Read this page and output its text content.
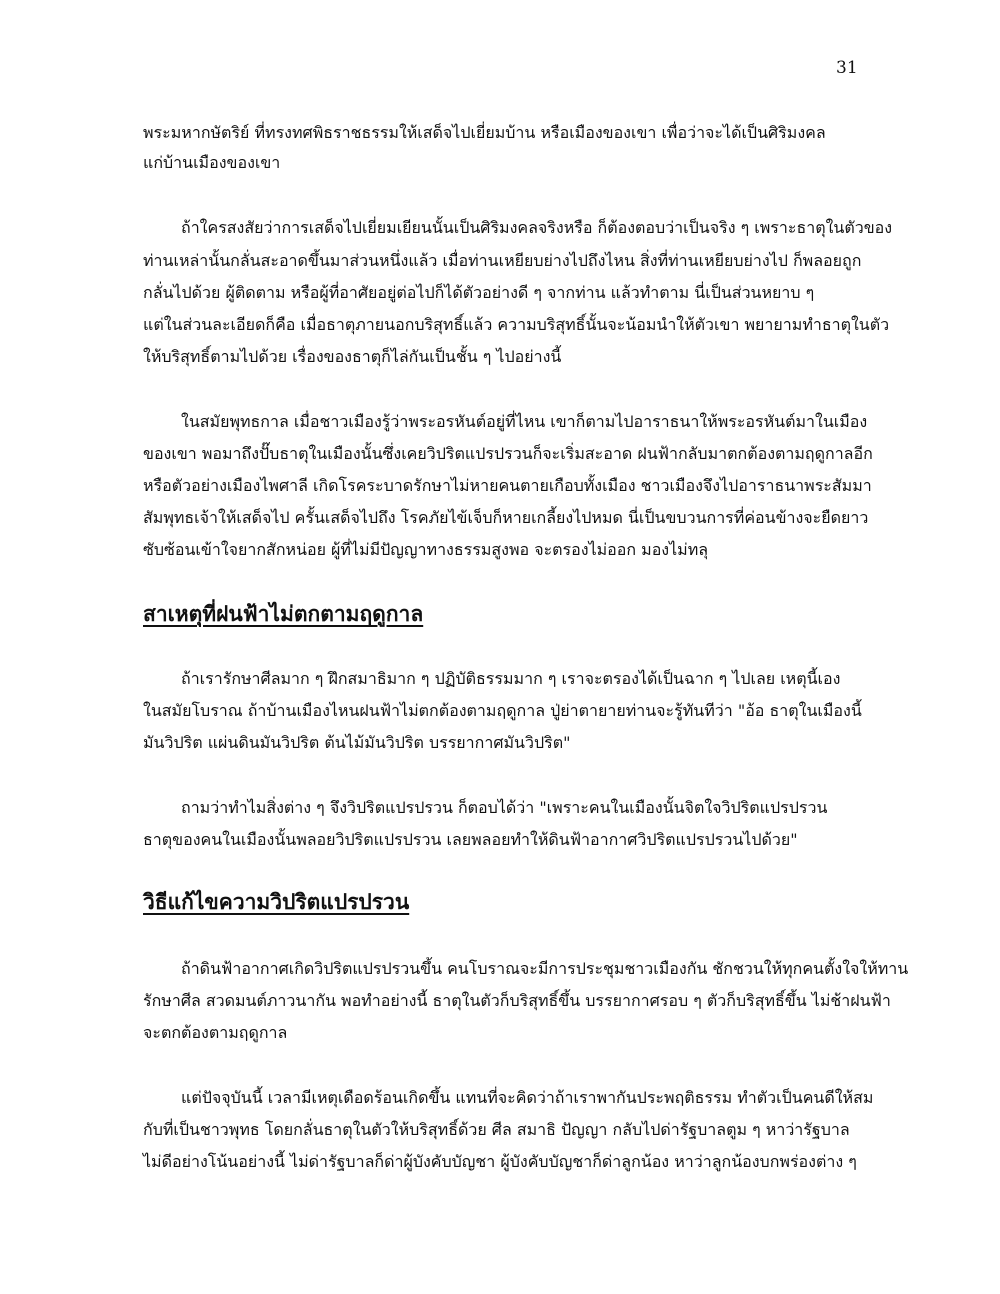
31
พระมหากษัตริย์ ที่ทรงทศพิธราชธรรมให้เสด็จไปเยี่ยมบ้าน หรือเมืองของเขา เพื่อว่าจะได้เป็นศิริมงคล
แก่บ้านเมืองของเขา
ถ้าใครสงสัยว่าการเสด็จไปเยี่ยมเยียนนั้นเป็นศิริมงคลจริงหรือ ก็ต้องตอบว่าเป็นจริง ๆ เพราะธาตุในตัวของ
ท่านเหล่านั้นกลั่นสะอาดขึ้นมาส่วนหนึ่งแล้ว เมื่อท่านเหยียบย่างไปถึงไหน สิ่งที่ท่านเหยียบย่างไป ก็พลอยถูก
กลั่นไปด้วย ผู้ติดตาม หรือผู้ที่อาศัยอยู่ต่อไปก็ได้ตัวอย่างดี ๆ จากท่าน แล้วทำตาม นี่เป็นส่วนหยาบ ๆ
แต่ในส่วนละเอียดก็คือ เมื่อธาตุภายนอกบริสุทธิ์แล้ว ความบริสุทธิ์นั้นจะน้อมนำให้ตัวเขา พยายามทำธาตุในตัว
ให้บริสุทธิ์ตามไปด้วย เรื่องของธาตุก็ไล่กันเป็นชั้น ๆ ไปอย่างนี้
ในสมัยพุทธกาล เมื่อชาวเมืองรู้ว่าพระอรหันต์อยู่ที่ไหน เขาก็ตามไปอาราธนาให้พระอรหันต์มาในเมือง
ของเขา พอมาถึงปั๊บธาตุในเมืองนั้นซึ่งเคยวิปริตแปรปรวนก็จะเริ่มสะอาด ฝนฟ้ากลับมาตกต้องตามฤดูกาลอีก
หรือตัวอย่างเมืองไพศาลี เกิดโรคระบาดรักษาไม่หายคนตายเกือบทั้งเมือง ชาวเมืองจึงไปอาราธนาพระสัมมา
สัมพุทธเจ้าให้เสด็จไป ครั้นเสด็จไปถึง โรคภัยไข้เจ็บก็หายเกลี้ยงไปหมด นี่เป็นขบวนการที่ค่อนข้างจะยืดยาว
ซับซ้อนเข้าใจยากสักหน่อย ผู้ที่ไม่มีปัญญาทางธรรมสูงพอ จะตรองไม่ออก มองไม่ทลุ
สาเหตุที่ฝนฟ้าไม่ตกตามฤดูกาล
ถ้าเรารักษาศีลมาก ๆ ฝึกสมาธิมาก ๆ ปฏิบัติธรรมมาก ๆ เราจะตรองได้เป็นฉาก ๆ ไปเลย เหตุนี้เอง
ในสมัยโบราณ ถ้าบ้านเมืองไหนฝนฟ้าไม่ตกต้องตามฤดูกาล ปู่ย่าตายายท่านจะรู้ทันทีว่า "อ้อ ธาตุในเมืองนี้
มันวิปริต แผ่นดินมันวิปริต ต้นไม้มันวิปริต บรรยากาศมันวิปริต"
ถามว่าทำไมสิ่งต่าง ๆ จึงวิปริตแปรปรวน ก็ตอบได้ว่า "เพราะคนในเมืองนั้นจิตใจวิปริตแปรปรวน
ธาตุของคนในเมืองนั้นพลอยวิปริตแปรปรวน เลยพลอยทำให้ดินฟ้าอากาศวิปริตแปรปรวนไปด้วย"
วิธีแก้ไขความวิปริตแปรปรวน
ถ้าดินฟ้าอากาศเกิดวิปริตแปรปรวนขึ้น คนโบราณจะมีการประชุมชาวเมืองกัน ชักชวนให้ทุกคนตั้งใจให้ทาน
รักษาศีล สวดมนต์ภาวนากัน พอทำอย่างนี้ ธาตุในตัวก็บริสุทธิ์ขึ้น บรรยากาศรอบ ๆ ตัวก็บริสุทธิ์ขึ้น ไม่ช้าฝนฟ้า
จะตกต้องตามฤดูกาล
แต่ปัจจุบันนี้ เวลามีเหตุเดือดร้อนเกิดขึ้น แทนที่จะคิดว่าถ้าเราพากันประพฤติธรรม ทำตัวเป็นคนดีให้สม
กับที่เป็นชาวพุทธ โดยกลั่นธาตุในตัวให้บริสุทธิ์ด้วย ศีล สมาธิ ปัญญา กลับไปด่ารัฐบาลตูม ๆ หาว่ารัฐบาล
ไม่ดีอย่างโน้นอย่างนี้ ไม่ด่ารัฐบาลก็ด่าผู้บังคับบัญชา ผู้บังคับบัญชาก็ด่าลูกน้อง หาว่าลูกน้องบกพร่องต่าง ๆ
